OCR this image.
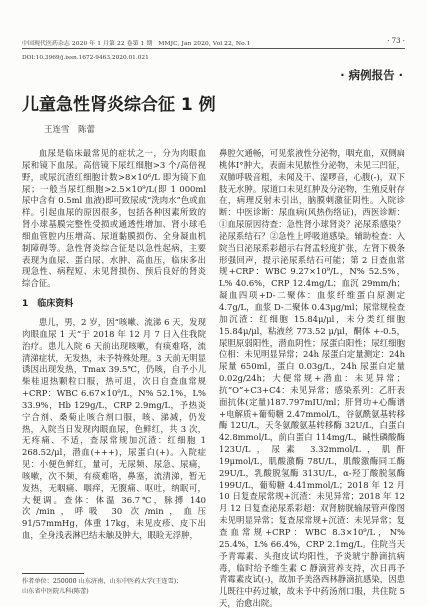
中国现代医药杂志 2020 年 1 月第 22 卷第 1 期　MMJC, Jan 2020, Vol 22, No.1	· 73 ·
DOI:10.3969/j.issn.1672-9463.2020.01.021
· 病例报告 ·
儿童急性肾炎综合征 1 例
王连雪　陈蕾

血尿是临床最常见的症状之一，分为肉眼血尿和镜下血尿。高倍镜下尿红细胞>3 个/高倍视野，或尿沉渣红细胞计数>8×10⁶/L 即为镜下血尿；一般当尿红细胞>2.5×10⁹/L(即 1 000ml 尿中含有 0.5ml 血液)即可致尿成“洗肉水”色或血样。引起血尿的原因很多，包括各种因素所致的肾小球基膜完整性受损或通透性增加、肾小球毛细血管腔内压增高、尿道黏膜损伤、全身凝血机制障碍等。急性肾炎综合征是以急性起病，主要表现为血尿、蛋白尿、水肿、高血压，临床多出现急性、病程短、未见肾损伤、预后良好的肾炎综合征。

1　临床资料

患儿，男，2 岁，因“咳嗽、流涕 6 天，发现肉眼血尿 1 天”于 2018 年 12 月 7 日入住我院治疗。患儿入院 6 天前出现咳嗽，有痰难咯，流清涕症状，无发热，未予特殊处理。3 天前无明显诱因出现发热，Tmax 39.5℃，仍咳，自予小儿柴桂退热颗粒口服，热可退，次日自查血常规+CRP：WBC 6.67×10⁹/L，N% 52.1%，L% 33.9%，Hb 129g/L，CRP 2.9mg/L，予热炎宁合剂、桑菊止咳合剂口服，咳、涕减，仍发热，入院当日发现肉眼血尿，色鲜红，共 3 次，无疼痛、不适，查尿常规加沉渣：红细胞 1 268.52/μl，潜血(+++)，尿蛋白(+)。入院症见：小便色鲜红，量可，无尿频、尿急、尿痛，咳嗽，次不频，有痰难咯，鼻塞，流清涕，暂无发热，无咽痛、咽痒，无腹痛、呕吐，纳眠可，大便调。查体：体温 36.7℃，脉搏 140 次/min，呼吸 30 次/min，血压 91/57mmHg，体重 17kg，未见皮疹、皮下出血，全身浅表淋巴结未触及肿大，眼睑无浮肿，

鼻腔欠通畅，可见浆液性分泌物，咽充血，双侧扁桃体Ⅰ°肿大，表面未见脓性分泌物，未见三凹征，双肺呼吸音粗，未闻及干、湿啰音，心腹(-)，双下肢无水肿。尿道口未见红肿及分泌物，生殖反射存在，病理反射未引出，脑膜刺激征阴性。入院诊断：中医诊断：尿血病(风热伤络证)，西医诊断：①血尿原因待查：急性肾小球肾炎？泌尿系感染？泌尿系结石？②急性上呼吸道感染。辅助检查：入院当日泌尿系彩超示右肾盂轻度扩张，左肾下极条形强回声，提示泌尿系结石可能；第 2 日查血常规+CRP：WBC 9.27×10⁹/L，N% 52.5%，L% 40.6%，CRP 12.4mg/L；血沉 29mm/h；凝血四项+D-二聚体：血浆纤维蛋白原测定 4.7g/L，血浆 D-二聚体 0.43μg/ml；尿常规检查加沉渣：红细胞 15.84μ/μl，未分类红细胞 15.84μ/μl，粘液丝 773.52 μ/μl，酮体 +-0.5，尿胆原弱阳性，潜血阴性；尿蛋白阳性；尿红细胞位相：未见明显异常；24h 尿蛋白定量测定：24h 尿量 650ml，蛋白 0.03g/L，24h 尿蛋白定量 0.02g/24h；大便常规+潜血：未见异常；抗“O”+C3+C4：未见异常；感染系列：乙肝表面抗体(定量)187.797mIU/ml；肝肾功+心酶谱+电解质+葡萄糖 2.47mmol/L，谷氨酰氨基转移酶 12U/L，天冬氨酸氨基转移酶 32U/L，白蛋白 42.8mmol/L，前白蛋白 114mg/L，碱性磷酸酶 123U/L，尿素 3.32mmol/L，肌酐 19μmol/L，肌酸激酶 78U/L，肌酸激酶同工酶 29U/L，乳酸脱氢酶 313U/L，α-羟丁酸脱氢酶 199U/L，葡萄糖 4.41mmol/L；2018 年 12 月 10 日复查尿常规+沉渣：未见异常；2018 年 12 月 12 日复查泌尿系彩超：双肾膀胱输尿管声像图未见明显异常；复查尿常规+沉渣：未见异常；复查血常规+CRP：WBC 8.3×10⁹/L，N% 25.4%，L% 66.4%，CRP 2.1mg/L。住院当天予青霉素、头孢皮试均阳性，予炎琥宁静滴抗病毒，临时给予维生素 C 静滴营养支持，次日再予青霉素皮试(-)，故加予美洛西林静滴抗感染，因患儿既往中药过敏，故未予中药汤剂口服，共住院 5 天，治愈出院。

作者单位：250000 山东济南，山东中医药大学(王连雪)；
山东省中医院儿科(陈蕾)
